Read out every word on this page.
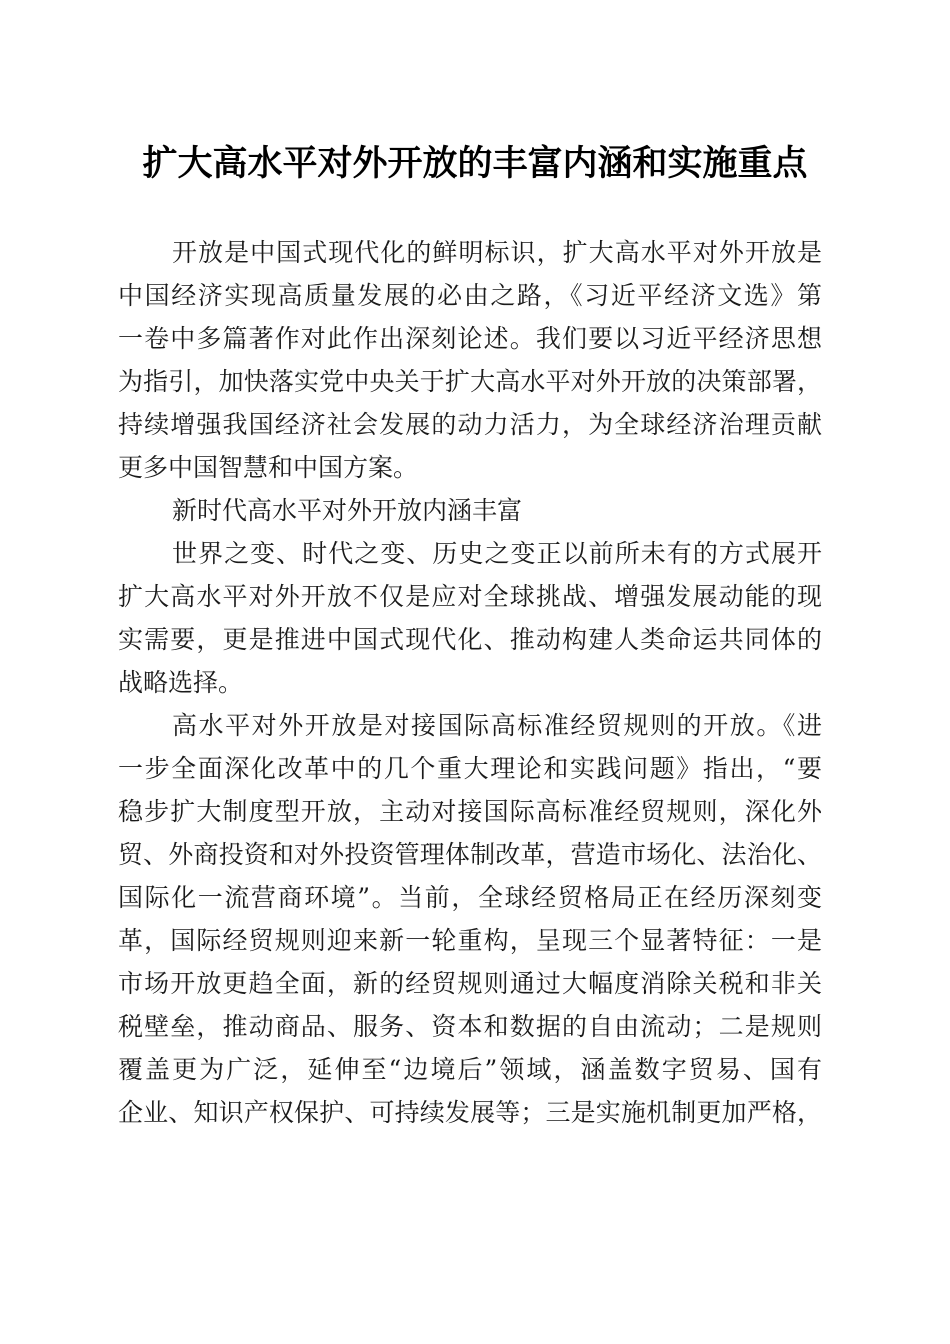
扩大高水平对外开放的丰富内涵和实施重点
开放是中国式现代化的鲜明标识，扩大高水平对外开放是
中国经济实现高质量发展的必由之路，《习近平经济文选》第
一卷中多篇著作对此作出深刻论述。我们要以习近平经济思想
为指引，加快落实党中央关于扩大高水平对外开放的决策部署，
持续增强我国经济社会发展的动力活力，为全球经济治理贡献
更多中国智慧和中国方案。
新时代高水平对外开放内涵丰富
世界之变、时代之变、历史之变正以前所未有的方式展开
扩大高水平对外开放不仅是应对全球挑战、增强发展动能的现
实需要，更是推进中国式现代化、推动构建人类命运共同体的
战略选择。
高水平对外开放是对接国际高标准经贸规则的开放。《进
一步全面深化改革中的几个重大理论和实践问题》指出，“要
稳步扩大制度型开放，主动对接国际高标准经贸规则，深化外
贸、外商投资和对外投资管理体制改革，营造市场化、法治化、
国际化一流营商环境”。当前，全球经贸格局正在经历深刻变
革，国际经贸规则迎来新一轮重构，呈现三个显著特征：一是
市场开放更趋全面，新的经贸规则通过大幅度消除关税和非关
税壁垒，推动商品、服务、资本和数据的自由流动；二是规则
覆盖更为广泛，延伸至“边境后”领域，涵盖数字贸易、国有
企业、知识产权保护、可持续发展等；三是实施机制更加严格，
